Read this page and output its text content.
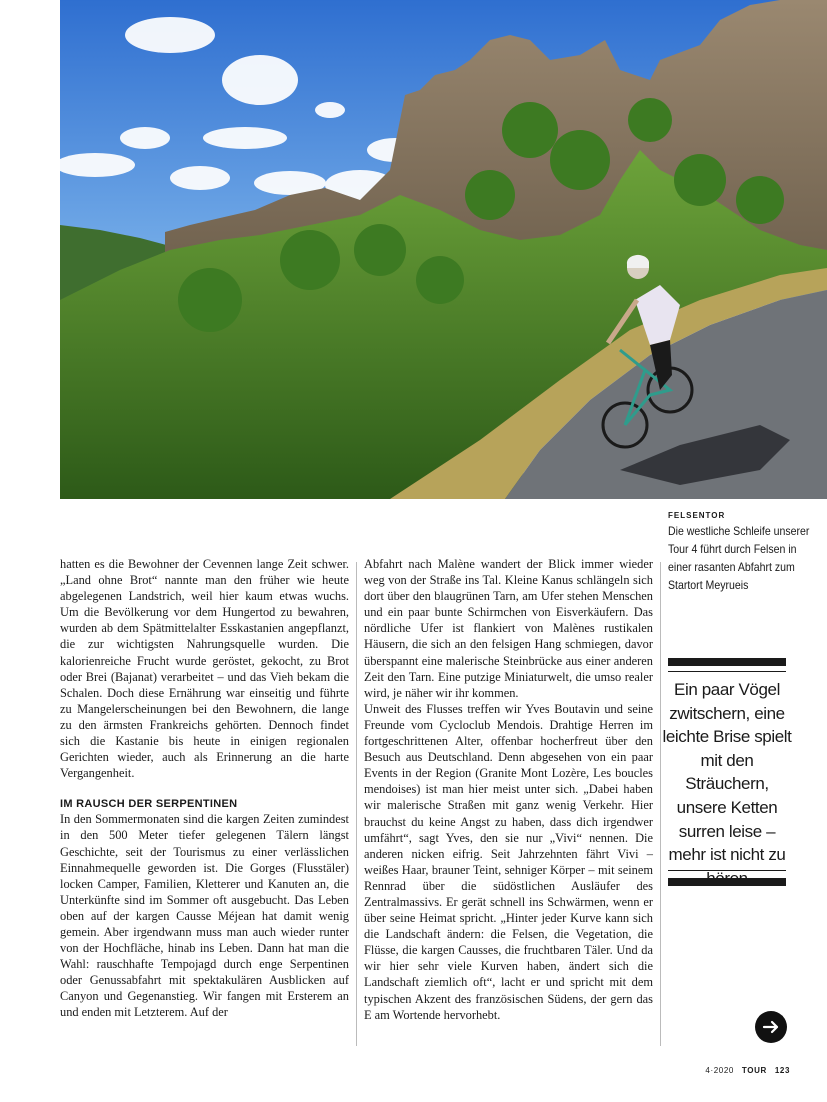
FELSENTOR
Die westliche Schleife unserer Tour 4 führt durch Felsen in einer rasanten Abfahrt zum Startort Meyrueis

hatten es die Bewohner der Cevennen lange Zeit schwer. „Land ohne Brot“ nannte man den früher wie heute abgelegenen Landstrich, weil hier kaum etwas wuchs. Um die Bevölkerung vor dem Hungertod zu bewahren, wurden ab dem Spätmittelalter Esskastanien angepflanzt, die zur wichtigsten Nahrungsquelle wurden. Die kalorienreiche Frucht wurde geröstet, gekocht, zu Brot oder Brei (Bajanat) verarbeitet – und das Vieh bekam die Schalen. Doch diese Ernährung war einseitig und führte zu Mangelerscheinungen bei den Bewohnern, die lange zu den ärmsten Frankreichs gehörten. Dennoch findet sich die Kastanie bis heute in einigen regionalen Gerichten wieder, auch als Erinnerung an die harte Vergangenheit.

IM RAUSCH DER SERPENTINEN

In den Sommermonaten sind die kargen Zeiten zumindest in den 500 Meter tiefer gelegenen Tälern längst Geschichte, seit der Tourismus zu einer verlässlichen Einnahmequelle geworden ist. Die Gorges (Flusstäler) locken Camper, Familien, Kletterer und Kanuten an, die Unterkünfte sind im Sommer oft ausgebucht. Das Leben oben auf der kargen Causse Méjean hat damit wenig gemein. Aber irgendwann muss man auch wieder runter von der Hochfläche, hinab ins Leben. Dann hat man die Wahl: rauschhafte Tempojagd durch enge Serpentinen oder Genussabfahrt mit spektakulären Ausblicken auf Canyon und Gegenanstieg. Wir fangen mit Ersterem an und enden mit Letzterem. Auf der

Abfahrt nach Malène wandert der Blick immer wieder weg von der Straße ins Tal. Kleine Kanus schlängeln sich dort über den blaugrünen Tarn, am Ufer stehen Menschen und ein paar bunte Schirmchen von Eisverkäufern. Das nördliche Ufer ist flankiert von Malènes rustikalen Häusern, die sich an den felsigen Hang schmiegen, davor überspannt eine malerische Steinbrücke aus einer anderen Zeit den Tarn. Eine putzige Miniaturwelt, die umso realer wird, je näher wir ihr kommen.

Unweit des Flusses treffen wir Yves Boutavin und seine Freunde vom Cycloclub Mendois. Drahtige Herren im fortgeschrittenen Alter, offenbar hocherfreut über den Besuch aus Deutschland. Denn abgesehen von ein paar Events in der Region (Granite Mont Lozère, Les boucles mendoises) ist man hier meist unter sich. „Dabei haben wir malerische Straßen mit ganz wenig Verkehr. Hier brauchst du keine Angst zu haben, dass dich irgendwer umfährt“, sagt Yves, den sie nur „Vivi“ nennen. Die anderen nicken eifrig. Seit Jahrzehnten fährt Vivi – weißes Haar, brauner Teint, sehniger Körper – mit seinem Rennrad über die südöstlichen Ausläufer des Zentralmassivs. Er gerät schnell ins Schwärmen, wenn er über seine Heimat spricht. „Hinter jeder Kurve kann sich die Landschaft ändern: die Felsen, die Vegetation, die Flüsse, die kargen Causses, die fruchtbaren Täler. Und da wir hier sehr viele Kurven haben, ändert sich die Landschaft ziemlich oft“, lacht er und spricht mit dem typischen Akzent des französischen Südens, der gern das E am Wortende hervorhebt.

Ein paar Vögel zwitschern, eine leichte Brise spielt mit den Sträuchern, unsere Ketten surren leise – mehr ist nicht zu
4·2020 TOUR 123
